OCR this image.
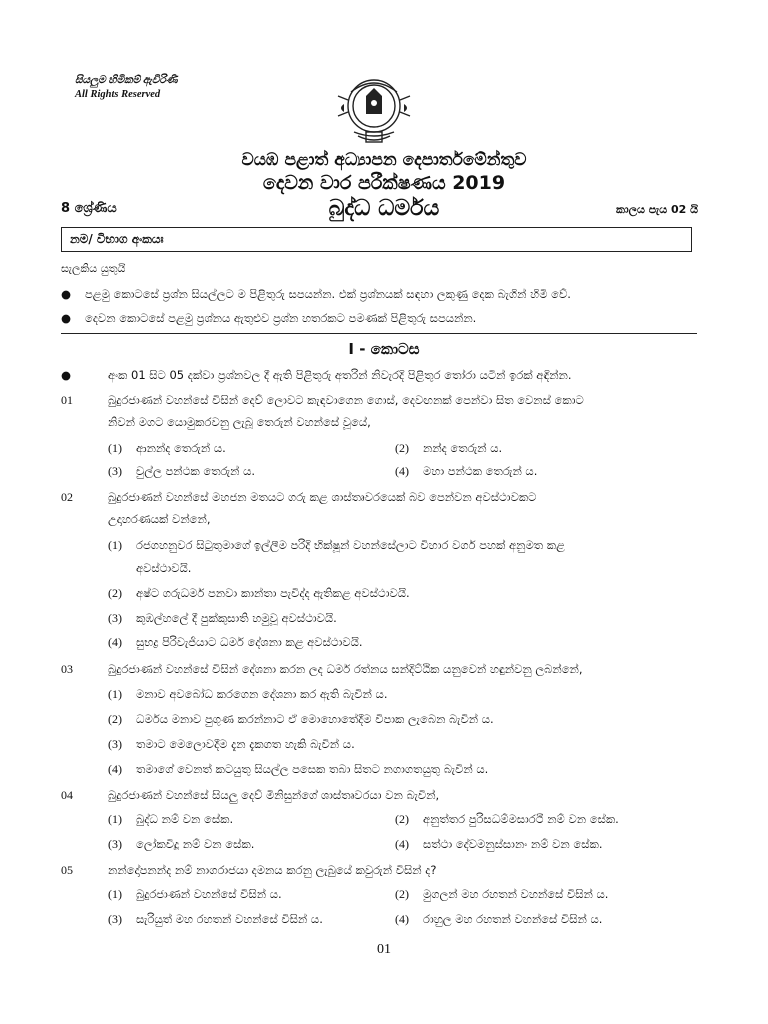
සියලුම හිමිකම් ඇවිරිණි
All Rights Reserved
වයඹ පළාත් අධ්‍යාපන දෙපාර්තමේන්තුව
දෙවන වාර පරීක්ෂණය 2019
8 ශ්‍රේණිය	බුද්ධ ධර්මය	කාලය පැය 02 යි
නම/ විභාග අංකයඃ
සැලකිය යුතුයි
● පළමු කොටසේ ප්‍රශ්න සියල්ලට ම පිළිතුරු සපයන්න. එක් ප්‍රශ්නයක් සඳහා ලකුණු දෙක බැගින් හිමි වේ.
● දෙවන කොටසේ පළමු ප්‍රශ්නය ඇතුළුව ප්‍රශ්න හතරකට පමණක් පිළිතුරු සපයන්න.
I - කොටස
●	අංක 01 සිට 05 දක්වා ප්‍රශ්නවල දී ඇති පිළිතුරු අතරින් නිවැරදි පිළිතුර තෝරා යටින් ඉරක් අඳින්න.
01	බුදුරජාණන් වහන්සේ විසින් දෙව් ලොවට කැඳවාගෙන ගොස්, දෙවඟනක් පෙන්වා සිත වෙනස් කොට
නිවන් මගට යොමුකරවනු ලැබූ තෙරුන් වහන්සේ වූයේ,
(1) ආනන්ද තෙරුන් ය.	(2) නන්ද තෙරුන් ය.
(3) චුල්ල පන්ථක තෙරුන් ය.	(4) මහා පන්ථක තෙරුන් ය.
02	බුදුරජාණන් වහන්සේ මහජන මතයට ගරු කළ ශාස්තෘවරයෙක් බව පෙන්වන අවස්ථාවකට
උදාහරණයක් වන්නේ,
(1) රජගහනුවර සිටුතුමාගේ ඉල්ලීම පරිදි භික්ෂූන් වහන්සේලාට විහාර වර්ග පහක් අනුමත කළ
අවස්ථාවයි.
(2) අෂ්ට ගරුධර්ම පනවා කාන්තා පැවිද්ද ඇතිකළ අවස්ථාවයි.
(3) කුඹල්හලේ දී පුක්කුසාති හමුවූ අවස්ථාවයි.
(4) සුභද්‍ර පිරිවැජියාට ධර්ම දේශනා කළ අවස්ථාවයි.
03	බුදුරජාණන් වහන්සේ විසින් දේශනා කරන ලද ධර්ම රත්නය සන්දිට්ඨික යනුවෙන් හඳුන්වනු ලබන්නේ,
(1) මනාව අවබෝධ කරගෙන දේශනා කර ඇති බැවින් ය.
(2) ධර්මය මනාව පුගුණ කරන්නාට ඒ මොහොතේදීම විපාක ලැබෙන බැවින් ය.
(3) තමාට මෙලොවදීම දැන දැකගත හැකි බැවින් ය.
(4) තමාගේ වෙනත් කටයුතු සියල්ල පසෙක තබා සිතට නගාගතයුතු බැවින් ය.
04	බුදුරජාණන් වහන්සේ සියලු දෙව් මිනිසුන්ගේ ශාස්තෘවරයා වන බැවින්,
(1) බුද්ධ නම් වන සේක.	(2) අනුත්තර පුරිසධම්මසාරථී නම් වන සේක.
(3) ලෝකවිදූ නම් වන සේක.	(4) සත්ථා දේවමනුස්සානං නම් වන සේක.
05	නන්දෝපනන්ද නම් නාගරාජයා දමනය කරනු ලැබුයේ කවුරුන් විසින් ද?
(1) බුදුරජාණන් වහන්සේ විසින් ය.	(2) මුගලන් මහ රහතන් වහන්සේ විසින් ය.
(3) සැරියුත් මහ රහතන් වහන්සේ විසින් ය.	(4) රාහුල මහ රහතන් වහන්සේ විසින් ය.
01
